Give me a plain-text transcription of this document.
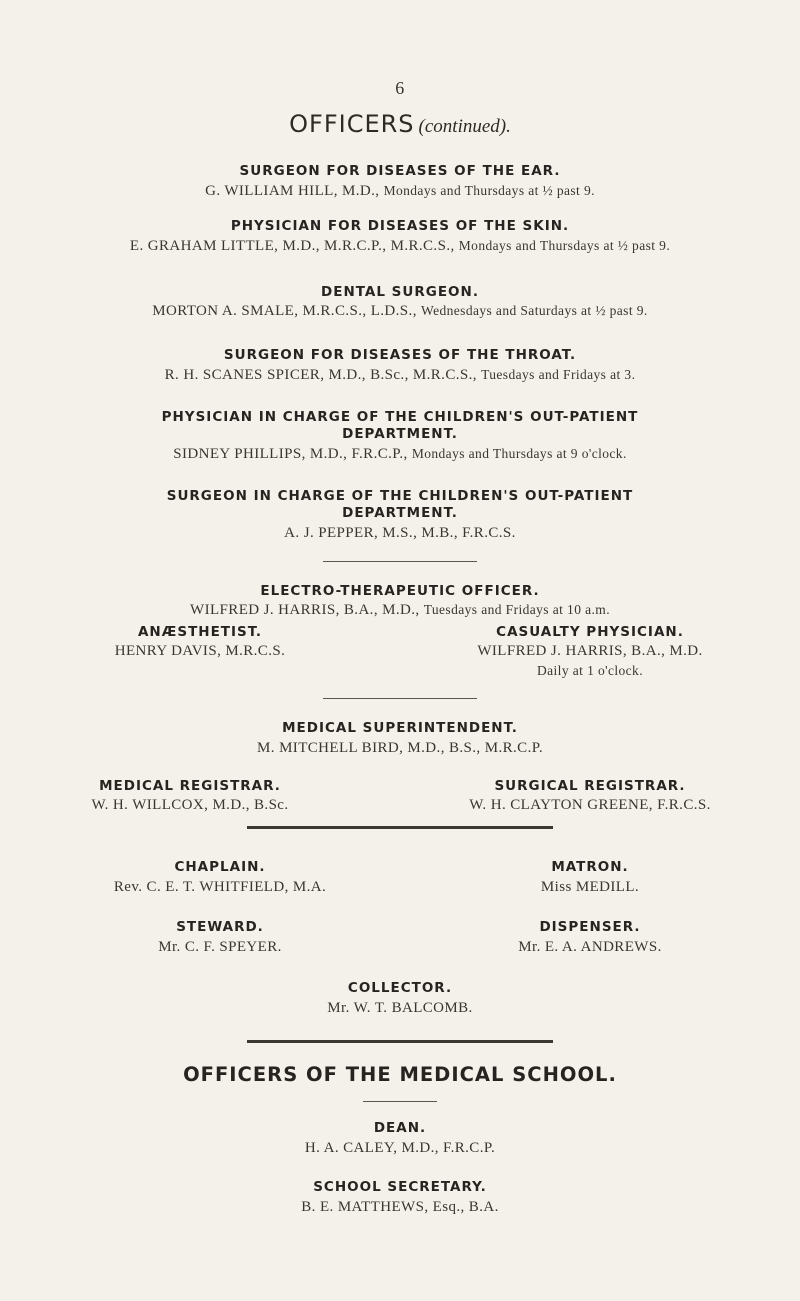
6
OFFICERS (continued).
SURGEON FOR DISEASES OF THE EAR.
G. WILLIAM HILL, M.D., Mondays and Thursdays at ½ past 9.
PHYSICIAN FOR DISEASES OF THE SKIN.
E. GRAHAM LITTLE, M.D., M.R.C.P., M.R.C.S., Mondays and Thursdays at ½ past 9.
DENTAL SURGEON.
MORTON A. SMALE, M.R.C.S., L.D.S., Wednesdays and Saturdays at ½ past 9.
SURGEON FOR DISEASES OF THE THROAT.
R. H. SCANES SPICER, M.D., B.Sc., M.R.C.S., Tuesdays and Fridays at 3.
PHYSICIAN IN CHARGE OF THE CHILDREN'S OUT-PATIENT
DEPARTMENT.
SIDNEY PHILLIPS, M.D., F.R.C.P., Mondays and Thursdays at 9 o'clock.
SURGEON IN CHARGE OF THE CHILDREN'S OUT-PATIENT
DEPARTMENT.
A. J. PEPPER, M.S., M.B., F.R.C.S.
ELECTRO-THERAPEUTIC OFFICER.
WILFRED J. HARRIS, B.A., M.D., Tuesdays and Fridays at 10 a.m.
ANÆSTHETIST.
HENRY DAVIS, M.R.C.S.
CASUALTY PHYSICIAN.
WILFRED J. HARRIS, B.A., M.D.
Daily at 1 o'clock.
MEDICAL SUPERINTENDENT.
M. MITCHELL BIRD, M.D., B.S., M.R.C.P.
MEDICAL REGISTRAR.
W. H. WILLCOX, M.D., B.Sc.
SURGICAL REGISTRAR.
W. H. CLAYTON GREENE, F.R.C.S.
CHAPLAIN.
Rev. C. E. T. WHITFIELD, M.A.
MATRON.
Miss MEDILL.
STEWARD.
Mr. C. F. SPEYER.
DISPENSER.
Mr. E. A. ANDREWS.
COLLECTOR.
Mr. W. T. BALCOMB.
OFFICERS OF THE MEDICAL SCHOOL.
DEAN.
H. A. CALEY, M.D., F.R.C.P.
SCHOOL SECRETARY.
B. E. MATTHEWS, Esq., B.A.
